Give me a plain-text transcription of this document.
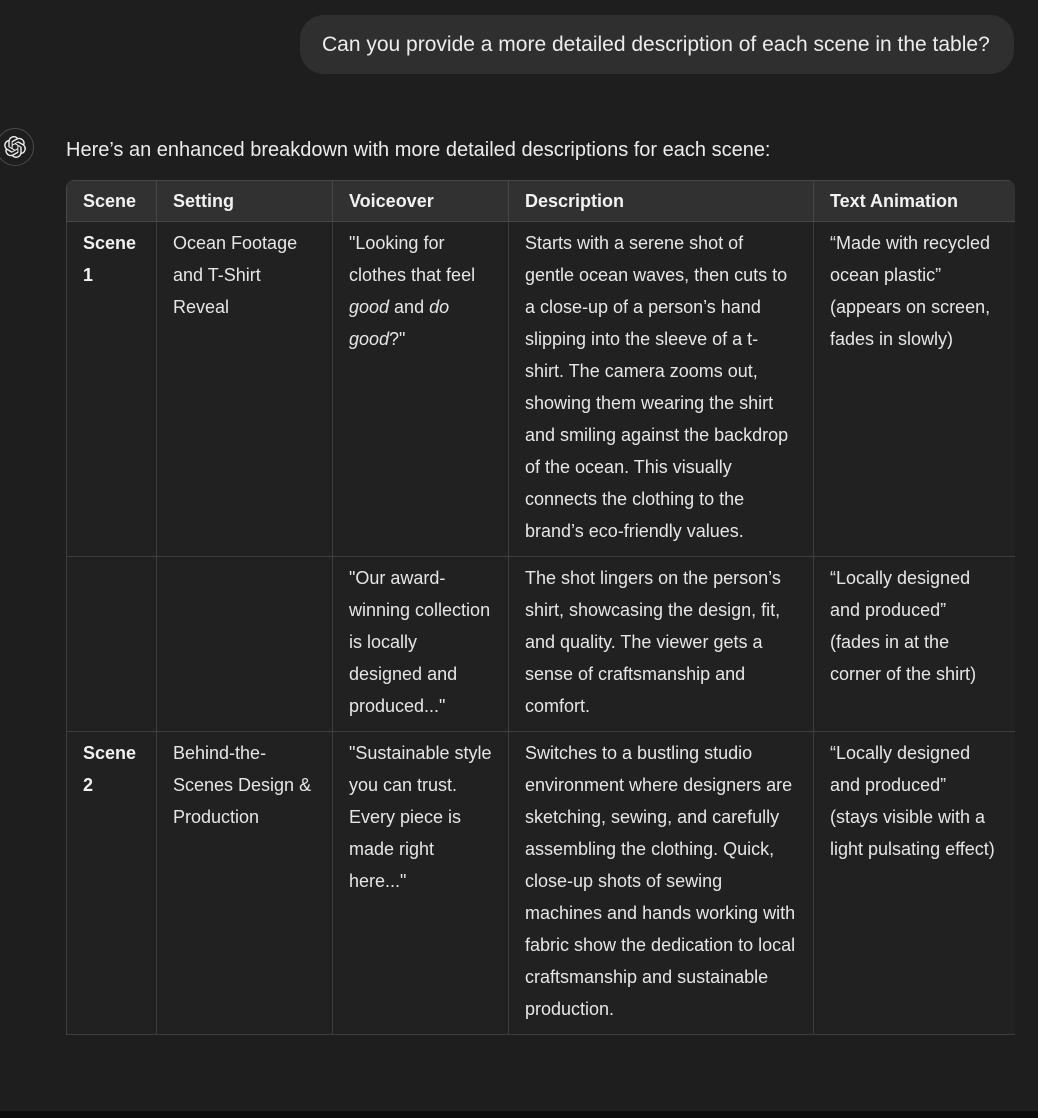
Can you provide a more detailed description of each scene in the table?

Here’s an enhanced breakdown with more detailed descriptions for each scene:

Scene	Setting	Voiceover	Description	Text Animation
Scene 1	Ocean Footage and T-Shirt Reveal	"Looking for clothes that feel good and do good?"	Starts with a serene shot of gentle ocean waves, then cuts to a close-up of a person’s hand slipping into the sleeve of a t-shirt. The camera zooms out, showing them wearing the shirt and smiling against the backdrop of the ocean. This visually connects the clothing to the brand’s eco-friendly values.	“Made with recycled ocean plastic” (appears on screen, fades in slowly)
		"Our award-winning collection is locally designed and produced..."	The shot lingers on the person’s shirt, showcasing the design, fit, and quality. The viewer gets a sense of craftsmanship and comfort.	“Locally designed and produced” (fades in at the corner of the shirt)
Scene 2	Behind-the-Scenes Design & Production	"Sustainable style you can trust. Every piece is made right here..."	Switches to a bustling studio environment where designers are sketching, sewing, and carefully assembling the clothing. Quick, close-up shots of sewing machines and hands working with fabric show the dedication to local craftsmanship and sustainable production.	“Locally designed and produced” (stays visible with a light pulsating effect)
